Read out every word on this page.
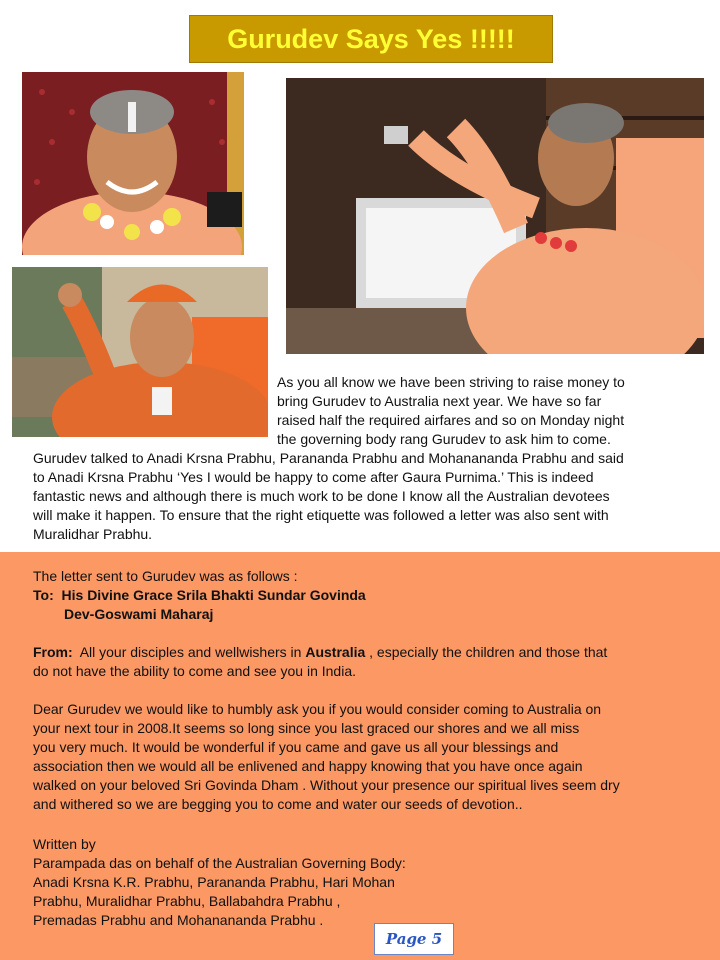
Gurudev Says Yes !!!!!
As you all know we have been striving to raise money to
bring Gurudev to Australia next year. We have so far
raised half the required airfares and so on Monday night
the governing body rang Gurudev to ask him to come.
Gurudev talked to Anadi Krsna Prabhu, Parananda Prabhu and Mohanananda Prabhu and said
to Anadi Krsna Prabhu ‘Yes I would be happy to come after Gaura Purnima.’ This is indeed
fantastic news and although there is much work to be done I know all the Australian devotees
will make it happen. To ensure that the right etiquette was followed a letter was also sent with
Muralidhar Prabhu.
The letter sent to Gurudev was as follows :
To: His Divine Grace Srila Bhakti Sundar Govinda
Dev-Goswami Maharaj
From: All your disciples and wellwishers in Australia , especially the children and those that
do not have the ability to come and see you in India.
Dear Gurudev we would like to humbly ask you if you would consider coming to Australia on
your next tour in 2008.It seems so long since you last graced our shores and we all miss
you very much. It would be wonderful if you came and gave us all your blessings and
association then we would all be enlivened and happy knowing that you have once again
walked on your beloved Sri Govinda Dham . Without your presence our spiritual lives seem dry
and withered so we are begging you to come and water our seeds of devotion..
Written by
Parampada das on behalf of the Australian Governing Body:
Anadi Krsna K.R. Prabhu, Parananda Prabhu, Hari Mohan
Prabhu, Muralidhar Prabhu, Ballabahdra Prabhu ,
Premadas Prabhu and Mohanananda Prabhu .
Page 5
